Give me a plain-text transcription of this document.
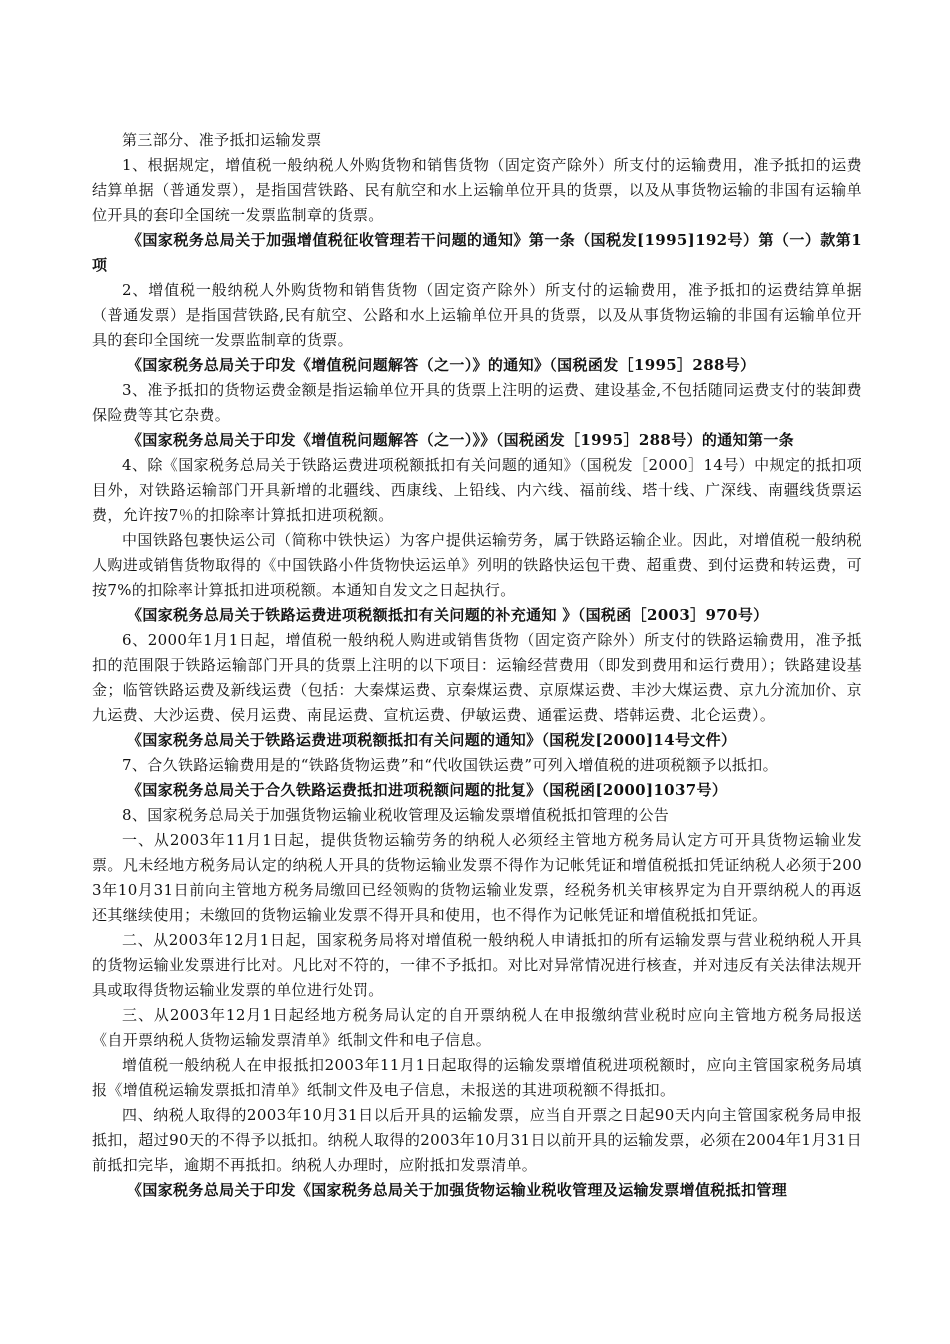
第三部分、准予抵扣运输发票

1、根据规定，增值税一般纳税人外购货物和销售货物（固定资产除外）所支付的运输费用，准予抵扣的运费结算单据（普通发票），是指国营铁路、民有航空和水上运输单位开具的货票，以及从事货物运输的非国有运输单位开具的套印全国统一发票监制章的货票。

《国家税务总局关于加强增值税征收管理若干问题的通知》第一条（国税发[1995]192号）第（一）款第1项

2、增值税一般纳税人外购货物和销售货物（固定资产除外）所支付的运输费用，准予抵扣的运费结算单据（普通发票）是指国营铁路,民有航空、公路和水上运输单位开具的货票，以及从事货物运输的非国有运输单位开具的套印全国统一发票监制章的货票。

《国家税务总局关于印发《增值税问题解答（之一）》的通知》（国税函发［1995］288号）

3、准予抵扣的货物运费金额是指运输单位开具的货票上注明的运费、建设基金,不包括随同运费支付的装卸费保险费等其它杂费。

《国家税务总局关于印发《增值税问题解答（之一）》》（国税函发［1995］288号）的通知第一条

4、除《国家税务总局关于铁路运费进项税额抵扣有关问题的通知》（国税发［2000］14号）中规定的抵扣项目外，对铁路运输部门开具新增的北疆线、西康线、上铅线、内六线、福前线、塔十线、广深线、南疆线货票运费，允许按7％的扣除率计算抵扣进项税额。

中国铁路包裹快运公司（简称中铁快运）为客户提供运输劳务，属于铁路运输企业。因此，对增值税一般纳税人购进或销售货物取得的《中国铁路小件货物快运运单》列明的铁路快运包干费、超重费、到付运费和转运费，可按7%的扣除率计算抵扣进项税额。本通知自发文之日起执行。

《国家税务总局关于铁路运费进项税额抵扣有关问题的补充通知 》（国税函［2003］970号）

6、2000年1月1日起，增值税一般纳税人购进或销售货物（固定资产除外）所支付的铁路运输费用，准予抵扣的范围限于铁路运输部门开具的货票上注明的以下项目：运输经营费用（即发到费用和运行费用）；铁路建设基金；临管铁路运费及新线运费（包括：大秦煤运费、京秦煤运费、京原煤运费、丰沙大煤运费、京九分流加价、京九运费、大沙运费、侯月运费、南昆运费、宣杭运费、伊敏运费、通霍运费、塔韩运费、北仑运费）。

《国家税务总局关于铁路运费进项税额抵扣有关问题的通知》（国税发[2000]14号文件）

7、合久铁路运输费用是的“铁路货物运费”和“代收国铁运费”可列入增值税的进项税额予以抵扣。

《国家税务总局关于合久铁路运费抵扣进项税额问题的批复》（国税函[2000]1037号）

8、国家税务总局关于加强货物运输业税收管理及运输发票增值税抵扣管理的公告

一、从2003年11月1日起，提供货物运输劳务的纳税人必须经主管地方税务局认定方可开具货物运输业发票。凡未经地方税务局认定的纳税人开具的货物运输业发票不得作为记帐凭证和增值税抵扣凭证纳税人必须于2003年10月31日前向主管地方税务局缴回已经领购的货物运输业发票，经税务机关审核界定为自开票纳税人的再返还其继续使用；未缴回的货物运输业发票不得开具和使用，也不得作为记帐凭证和增值税抵扣凭证。

二、从2003年12月1日起，国家税务局将对增值税一般纳税人申请抵扣的所有运输发票与营业税纳税人开具的货物运输业发票进行比对。凡比对不符的，一律不予抵扣。对比对异常情况进行核查，并对违反有关法律法规开具或取得货物运输业发票的单位进行处罚。

三、从2003年12月1日起经地方税务局认定的自开票纳税人在申报缴纳营业税时应向主管地方税务局报送《自开票纳税人货物运输发票清单》纸制文件和电子信息。

增值税一般纳税人在申报抵扣2003年11月1日起取得的运输发票增值税进项税额时，应向主管国家税务局填报《增值税运输发票抵扣清单》纸制文件及电子信息，未报送的其进项税额不得抵扣。

四、纳税人取得的2003年10月31日以后开具的运输发票，应当自开票之日起90天内向主管国家税务局申报抵扣，超过90天的不得予以抵扣。纳税人取得的2003年10月31日以前开具的运输发票，必须在2004年1月31日前抵扣完毕，逾期不再抵扣。纳税人办理时，应附抵扣发票清单。

《国家税务总局关于印发《国家税务总局关于加强货物运输业税收管理及运输发票增值税抵扣管理
